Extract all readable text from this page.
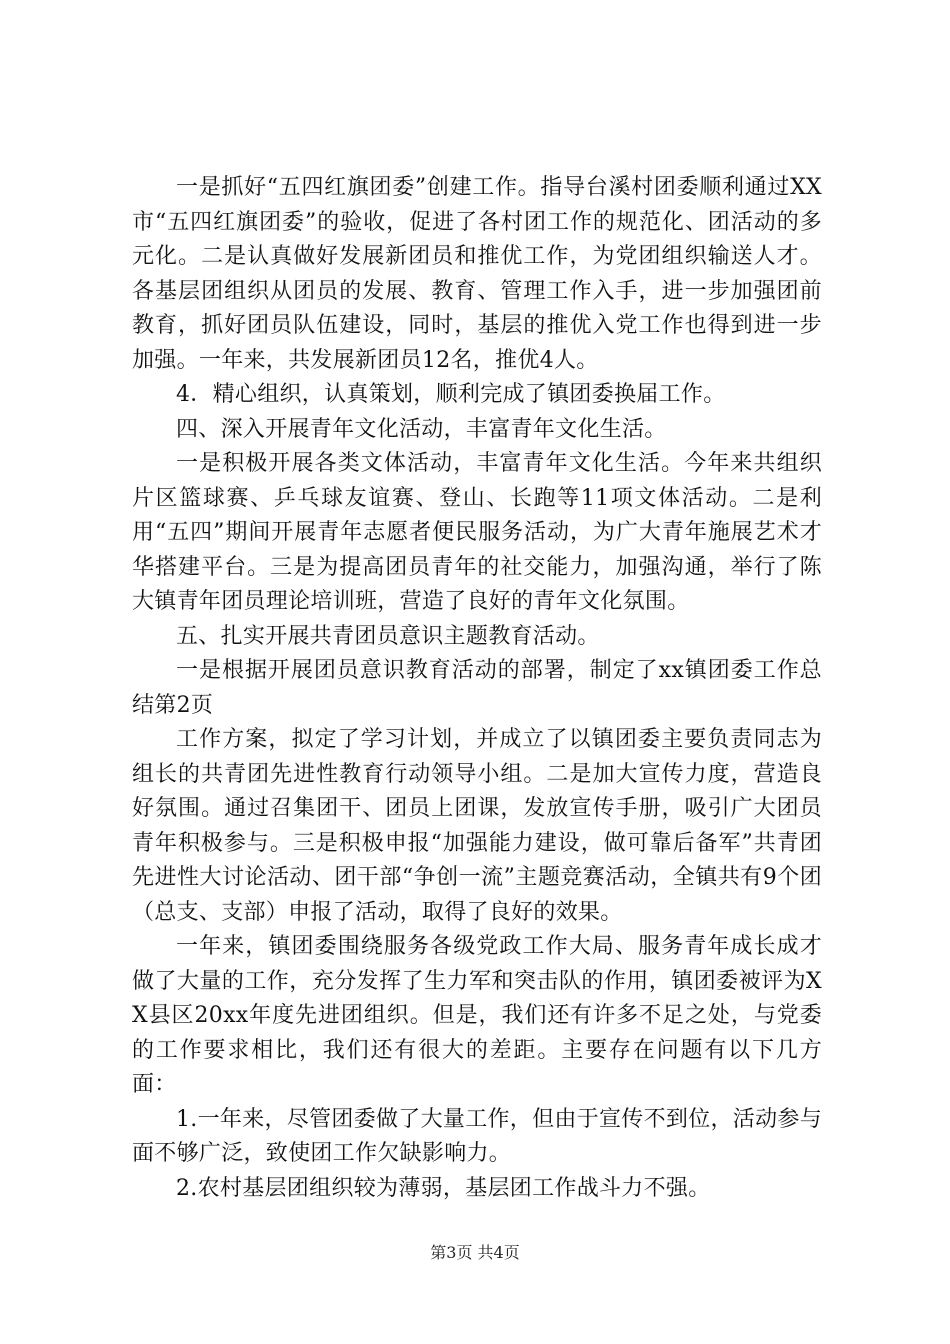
一是抓好“五四红旗团委”创建工作。指导台溪村团委顺利通过XX市“五四红旗团委”的验收，促进了各村团工作的规范化、团活动的多元化。二是认真做好发展新团员和推优工作，为党团组织输送人才。各基层团组织从团员的发展、教育、管理工作入手，进一步加强团前教育，抓好团员队伍建设，同时，基层的推优入党工作也得到进一步加强。一年来，共发展新团员12名，推优4人。

4．精心组织，认真策划，顺利完成了镇团委换届工作。

四、深入开展青年文化活动，丰富青年文化生活。

一是积极开展各类文体活动，丰富青年文化生活。今年来共组织片区篮球赛、乒乓球友谊赛、登山、长跑等11项文体活动。二是利用“五四”期间开展青年志愿者便民服务活动，为广大青年施展艺术才华搭建平台。三是为提高团员青年的社交能力，加强沟通，举行了陈大镇青年团员理论培训班，营造了良好的青年文化氛围。

五、扎实开展共青团员意识主题教育活动。

一是根据开展团员意识教育活动的部署，制定了xx镇团委工作总结第2页

工作方案，拟定了学习计划，并成立了以镇团委主要负责同志为组长的共青团先进性教育行动领导小组。二是加大宣传力度，营造良好氛围。通过召集团干、团员上团课，发放宣传手册，吸引广大团员青年积极参与。三是积极申报“加强能力建设，做可靠后备军”共青团先进性大讨论活动、团干部“争创一流”主题竞赛活动，全镇共有9个团（总支、支部）申报了活动，取得了良好的效果。

一年来，镇团委围绕服务各级党政工作大局、服务青年成长成才做了大量的工作，充分发挥了生力军和突击队的作用，镇团委被评为XX县区20xx年度先进团组织。但是，我们还有许多不足之处，与党委的工作要求相比，我们还有很大的差距。主要存在问题有以下几方面：

1.一年来，尽管团委做了大量工作，但由于宣传不到位，活动参与面不够广泛，致使团工作欠缺影响力。

2.农村基层团组织较为薄弱，基层团工作战斗力不强。

第3页 共4页
